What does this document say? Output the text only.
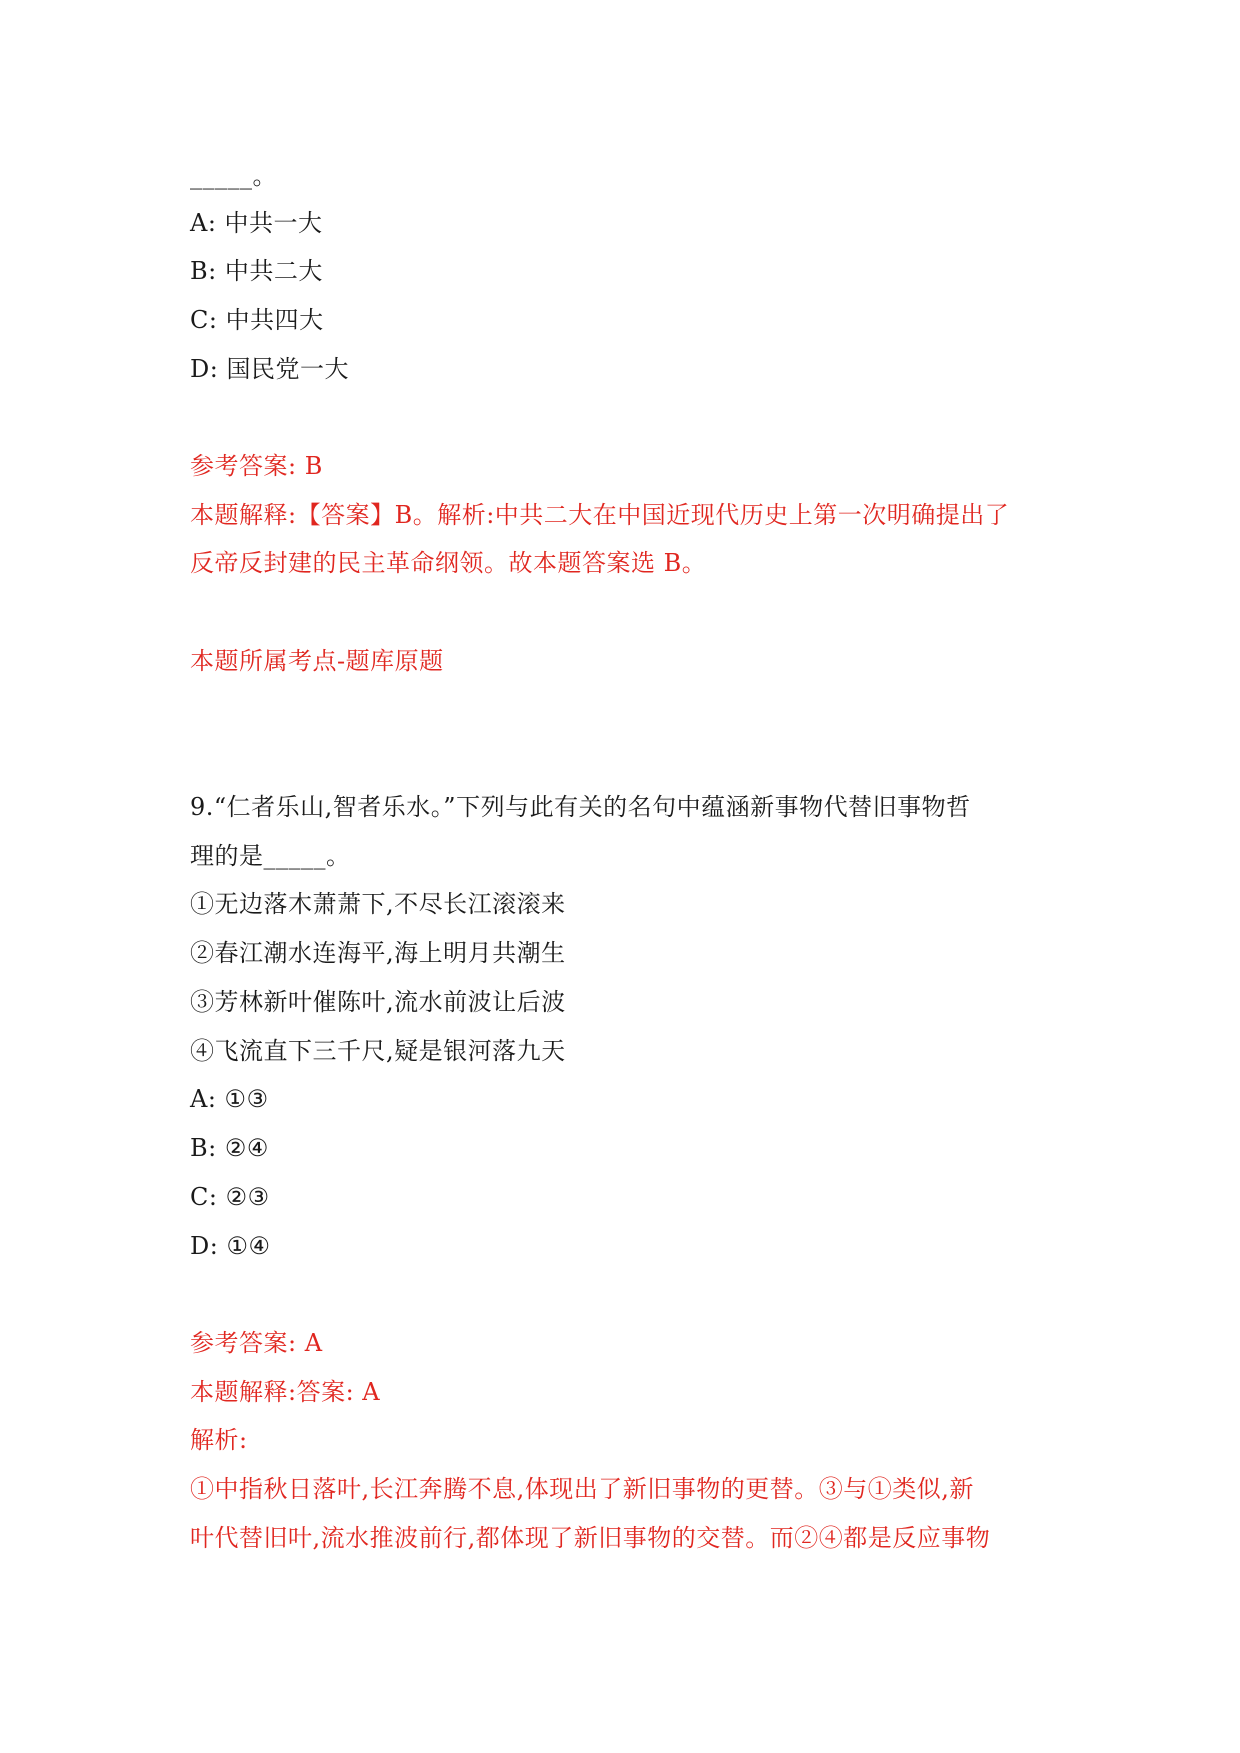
_____。
A: 中共一大
B: 中共二大
C: 中共四大
D: 国民党一大
参考答案: B
本题解释:【答案】B。解析:中共二大在中国近现代历史上第一次明确提出了
反帝反封建的民主革命纲领。故本题答案选 B。
本题所属考点-题库原题
9.“仁者乐山,智者乐水。”下列与此有关的名句中蕴涵新事物代替旧事物哲
理的是_____。
①无边落木萧萧下,不尽长江滚滚来
②春江潮水连海平,海上明月共潮生
③芳林新叶催陈叶,流水前波让后波
④飞流直下三千尺,疑是银河落九天
A: ①③
B: ②④
C: ②③
D: ①④
参考答案: A
本题解释:答案: A
解析:
①中指秋日落叶,长江奔腾不息,体现出了新旧事物的更替。③与①类似,新
叶代替旧叶,流水推波前行,都体现了新旧事物的交替。而②④都是反应事物
